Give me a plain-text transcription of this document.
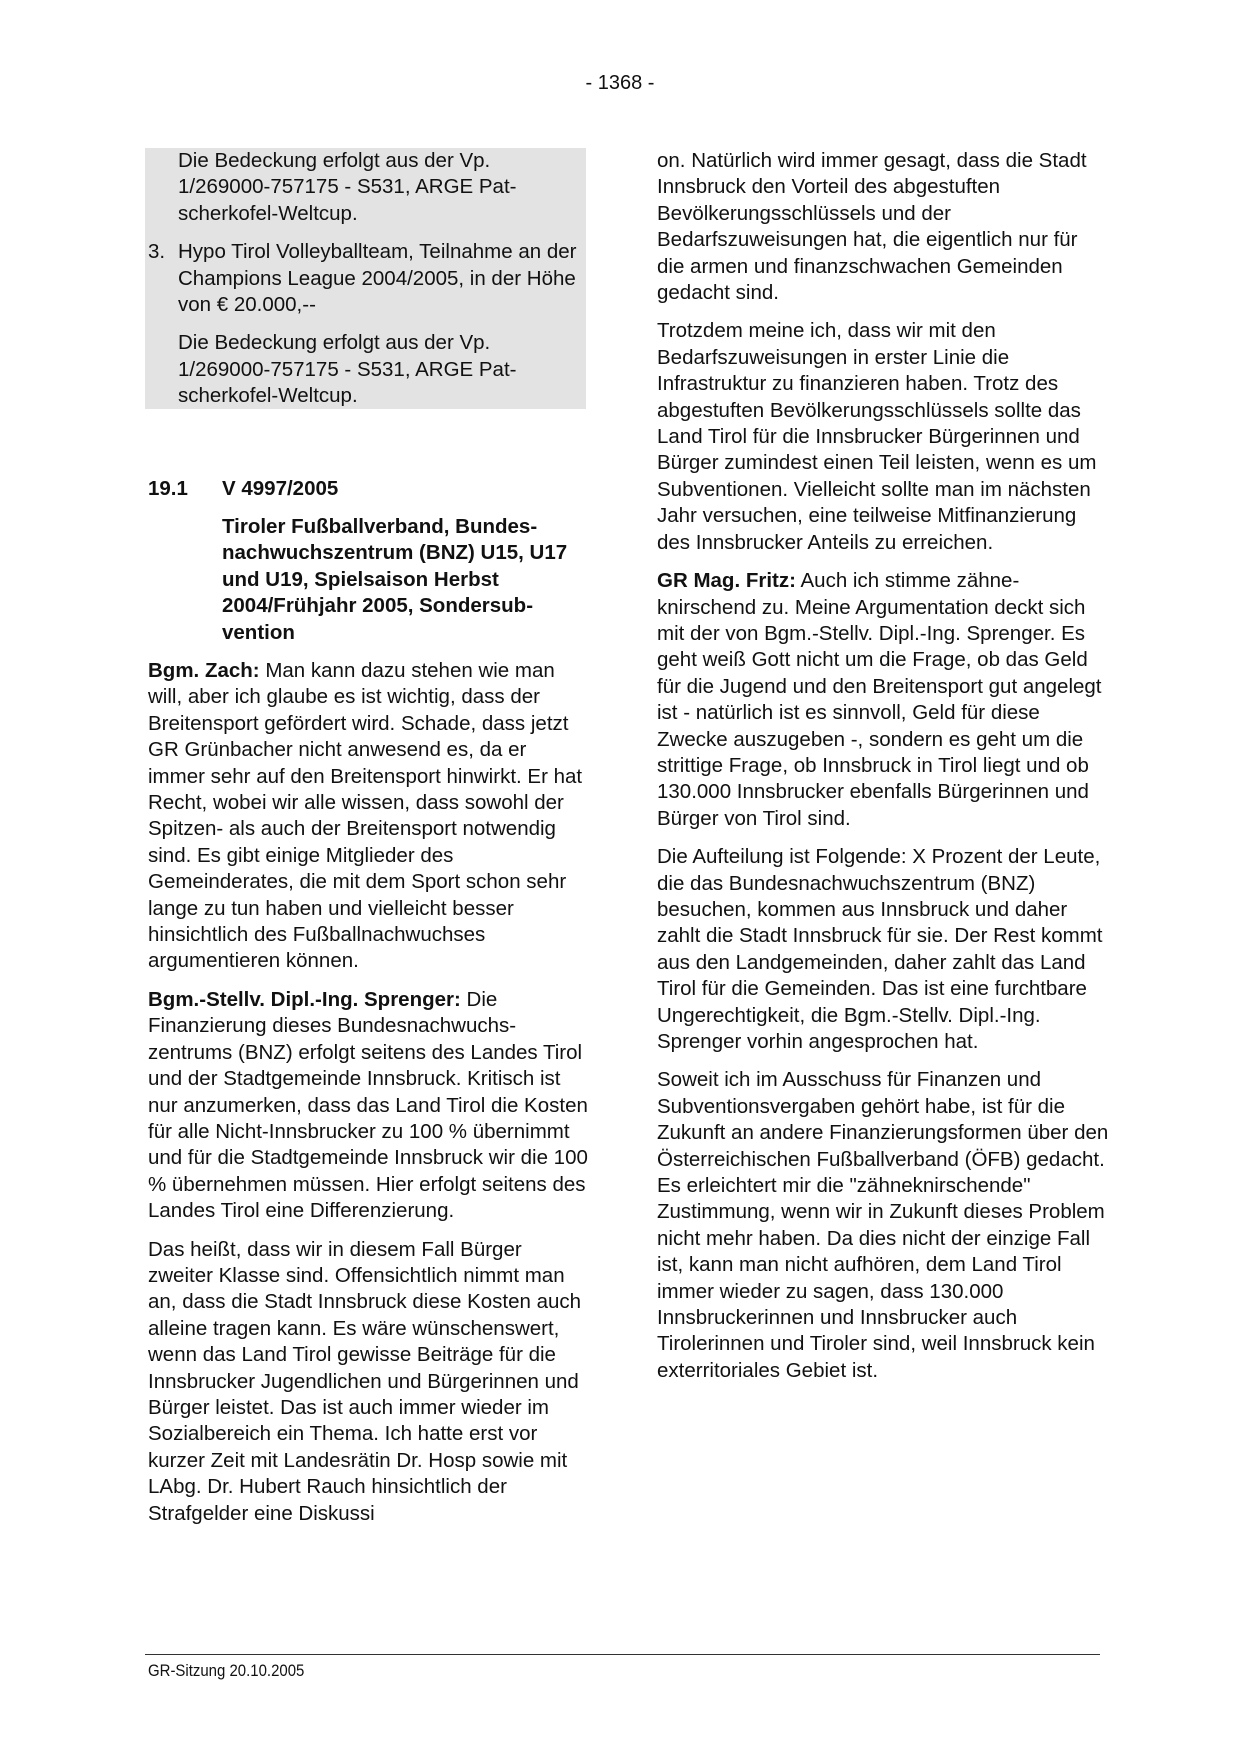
- 1368 -

Die Bedeckung erfolgt aus der Vp. 1/269000-757175 - S531, ARGE Patscherkofel-Weltcup.

3. Hypo Tirol Volleyballteam, Teilnahme an der Champions League 2004/2005, in der Höhe von € 20.000,--

Die Bedeckung erfolgt aus der Vp. 1/269000-757175 - S531, ARGE Patscherkofel-Weltcup.

19.1 V 4997/2005
Tiroler Fußballverband, Bundesnachwuchszentrum (BNZ) U15, U17 und U19, Spielsaison Herbst 2004/Frühjahr 2005, Sondersubvention

Bgm. Zach: Man kann dazu stehen wie man will, aber ich glaube es ist wichtig, dass der Breitensport gefördert wird. Schade, dass jetzt GR Grünbacher nicht anwesend es, da er immer sehr auf den Breitensport hinwirkt. Er hat Recht, wobei wir alle wissen, dass sowohl der Spitzen- als auch der Breitensport notwendig sind. Es gibt einige Mitglieder des Gemeinderates, die mit dem Sport schon sehr lange zu tun haben und vielleicht besser hinsichtlich des Fußballnachwuchses argumentieren können.

Bgm.-Stellv. Dipl.-Ing. Sprenger: Die Finanzierung dieses Bundesnachwuchszentrums (BNZ) erfolgt seitens des Landes Tirol und der Stadtgemeinde Innsbruck. Kritisch ist nur anzumerken, dass das Land Tirol die Kosten für alle Nicht-Innsbrucker zu 100 % übernimmt und für die Stadtgemeinde Innsbruck wir die 100 % übernehmen müssen. Hier erfolgt seitens des Landes Tirol eine Differenzierung.

Das heißt, dass wir in diesem Fall Bürger zweiter Klasse sind. Offensichtlich nimmt man an, dass die Stadt Innsbruck diese Kosten auch alleine tragen kann. Es wäre wünschenswert, wenn das Land Tirol gewisse Beiträge für die Innsbrucker Jugendlichen und Bürgerinnen und Bürger leistet. Das ist auch immer wieder im Sozialbereich ein Thema. Ich hatte erst vor kurzer Zeit mit Landesrätin Dr. Hosp sowie mit LAbg. Dr. Hubert Rauch hinsichtlich der Strafgelder eine Diskussi

on. Natürlich wird immer gesagt, dass die Stadt Innsbruck den Vorteil des abgestuften Bevölkerungsschlüssels und der Bedarfszuweisungen hat, die eigentlich nur für die armen und finanzschwachen Gemeinden gedacht sind.

Trotzdem meine ich, dass wir mit den Bedarfszuweisungen in erster Linie die Infrastruktur zu finanzieren haben. Trotz des abgestuften Bevölkerungsschlüssels sollte das Land Tirol für die Innsbrucker Bürgerinnen und Bürger zumindest einen Teil leisten, wenn es um Subventionen. Vielleicht sollte man im nächsten Jahr versuchen, eine teilweise Mitfinanzierung des Innsbrucker Anteils zu erreichen.

GR Mag. Fritz: Auch ich stimme zähneknirschend zu. Meine Argumentation deckt sich mit der von Bgm.-Stellv. Dipl.-Ing. Sprenger. Es geht weiß Gott nicht um die Frage, ob das Geld für die Jugend und den Breitensport gut angelegt ist - natürlich ist es sinnvoll, Geld für diese Zwecke auszugeben -, sondern es geht um die strittige Frage, ob Innsbruck in Tirol liegt und ob 130.000 Innsbrucker ebenfalls Bürgerinnen und Bürger von Tirol sind.

Die Aufteilung ist Folgende: X Prozent der Leute, die das Bundesnachwuchszentrum (BNZ) besuchen, kommen aus Innsbruck und daher zahlt die Stadt Innsbruck für sie. Der Rest kommt aus den Landgemeinden, daher zahlt das Land Tirol für die Gemeinden. Das ist eine furchtbare Ungerechtigkeit, die Bgm.-Stellv. Dipl.-Ing. Sprenger vorhin angesprochen hat.

Soweit ich im Ausschuss für Finanzen und Subventionsvergaben gehört habe, ist für die Zukunft an andere Finanzierungsformen über den Österreichischen Fußballverband (ÖFB) gedacht. Es erleichtert mir die "zähneknirschende" Zustimmung, wenn wir in Zukunft dieses Problem nicht mehr haben. Da dies nicht der einzige Fall ist, kann man nicht aufhören, dem Land Tirol immer wieder zu sagen, dass 130.000 Innsbruckerinnen und Innsbrucker auch Tirolerinnen und Tiroler sind, weil Innsbruck kein exterritoriales Gebiet ist.

GR-Sitzung 20.10.2005
